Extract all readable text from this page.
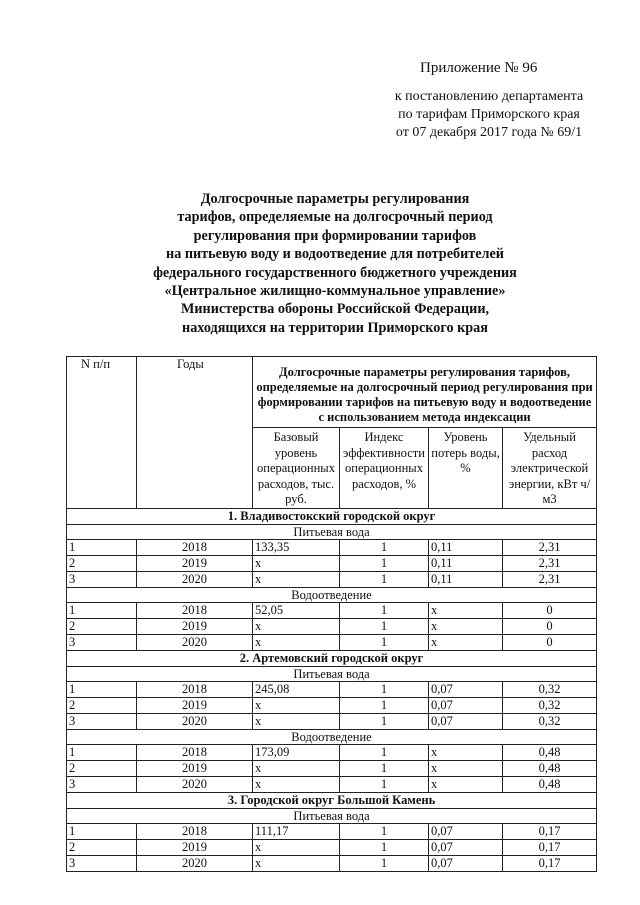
Приложение № 96
к постановлению департамента
по тарифам Приморского края
от 07 декабря 2017 года № 69/1
Долгосрочные параметры регулирования
тарифов, определяемые на долгосрочный период
регулирования при формировании тарифов
на питьевую воду и водоотведение для потребителей
федерального государственного бюджетного учреждения
«Центральное жилищно-коммунальное управление»
Министерства обороны Российской Федерации,
находящихся на территории Приморского края
N п/п	Годы	Долгосрочные параметры регулирования тарифов, определяемые на долгосрочный период регулирования при формировании тарифов на питьевую воду и водоотведение с использованием метода индексации			
		Базовый уровень операционных расходов, тыс. руб.	Индекс эффективности операционных расходов, %	Уровень потерь воды, %	Удельный расход электрической энергии, кВт ч/м3
1. Владивостокский городской округ					
Питьевая вода					
1	2018	133,35	1	0,11	2,31
2	2019	х	1	0,11	2,31
3	2020	х	1	0,11	2,31
Водоотведение					
1	2018	52,05	1	х	0
2	2019	х	1	х	0
3	2020	х	1	х	0
2. Артемовский городской округ					
Питьевая вода					
1	2018	245,08	1	0,07	0,32
2	2019	х	1	0,07	0,32
3	2020	х	1	0,07	0,32
Водоотведение					
1	2018	173,09	1	х	0,48
2	2019	х	1	х	0,48
3	2020	х	1	х	0,48
3. Городской округ Большой Камень					
Питьевая вода					
1	2018	111,17	1	0,07	0,17
2	2019	х	1	0,07	0,17
3	2020	х	1	0,07	0,17
